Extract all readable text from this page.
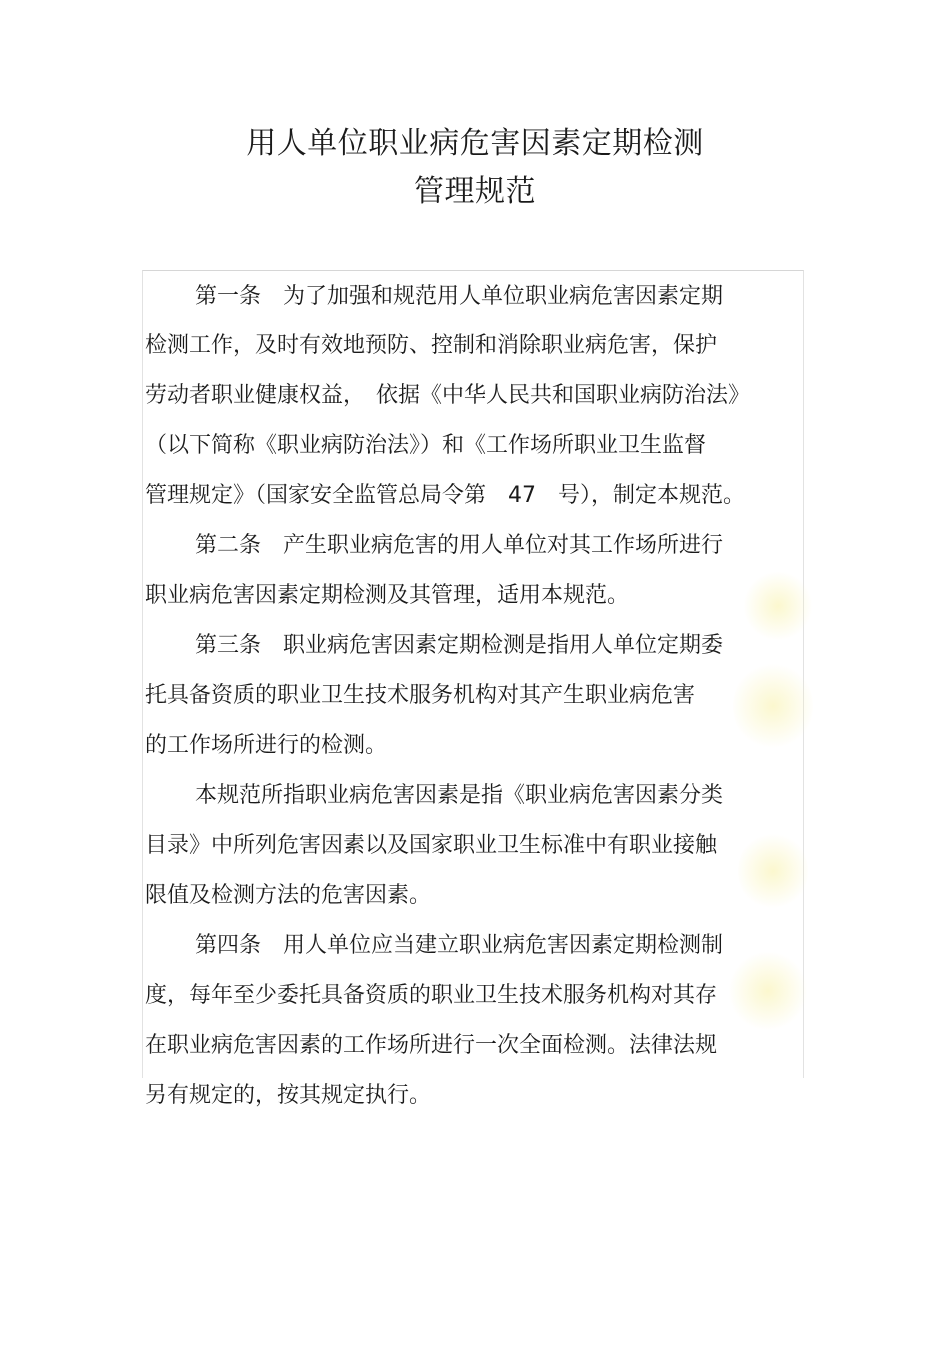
用人单位职业病危害因素定期检测
管理规范

第一条　为了加强和规范用人单位职业病危害因素定期

检测工作，及时有效地预防、控制和消除职业病危害，保护

劳动者职业健康权益，　依据《中华人民共和国职业病防治法》

（以下简称《职业病防治法》）和《工作场所职业卫生监督

管理规定》（国家安全监管总局令第　47　号），制定本规范。

第二条　产生职业病危害的用人单位对其工作场所进行

职业病危害因素定期检测及其管理，适用本规范。

第三条　职业病危害因素定期检测是指用人单位定期委

托具备资质的职业卫生技术服务机构对其产生职业病危害

的工作场所进行的检测。

本规范所指职业病危害因素是指《职业病危害因素分类

目录》中所列危害因素以及国家职业卫生标准中有职业接触

限值及检测方法的危害因素。

第四条　用人单位应当建立职业病危害因素定期检测制

度，每年至少委托具备资质的职业卫生技术服务机构对其存

在职业病危害因素的工作场所进行一次全面检测。法律法规

另有规定的，按其规定执行。
